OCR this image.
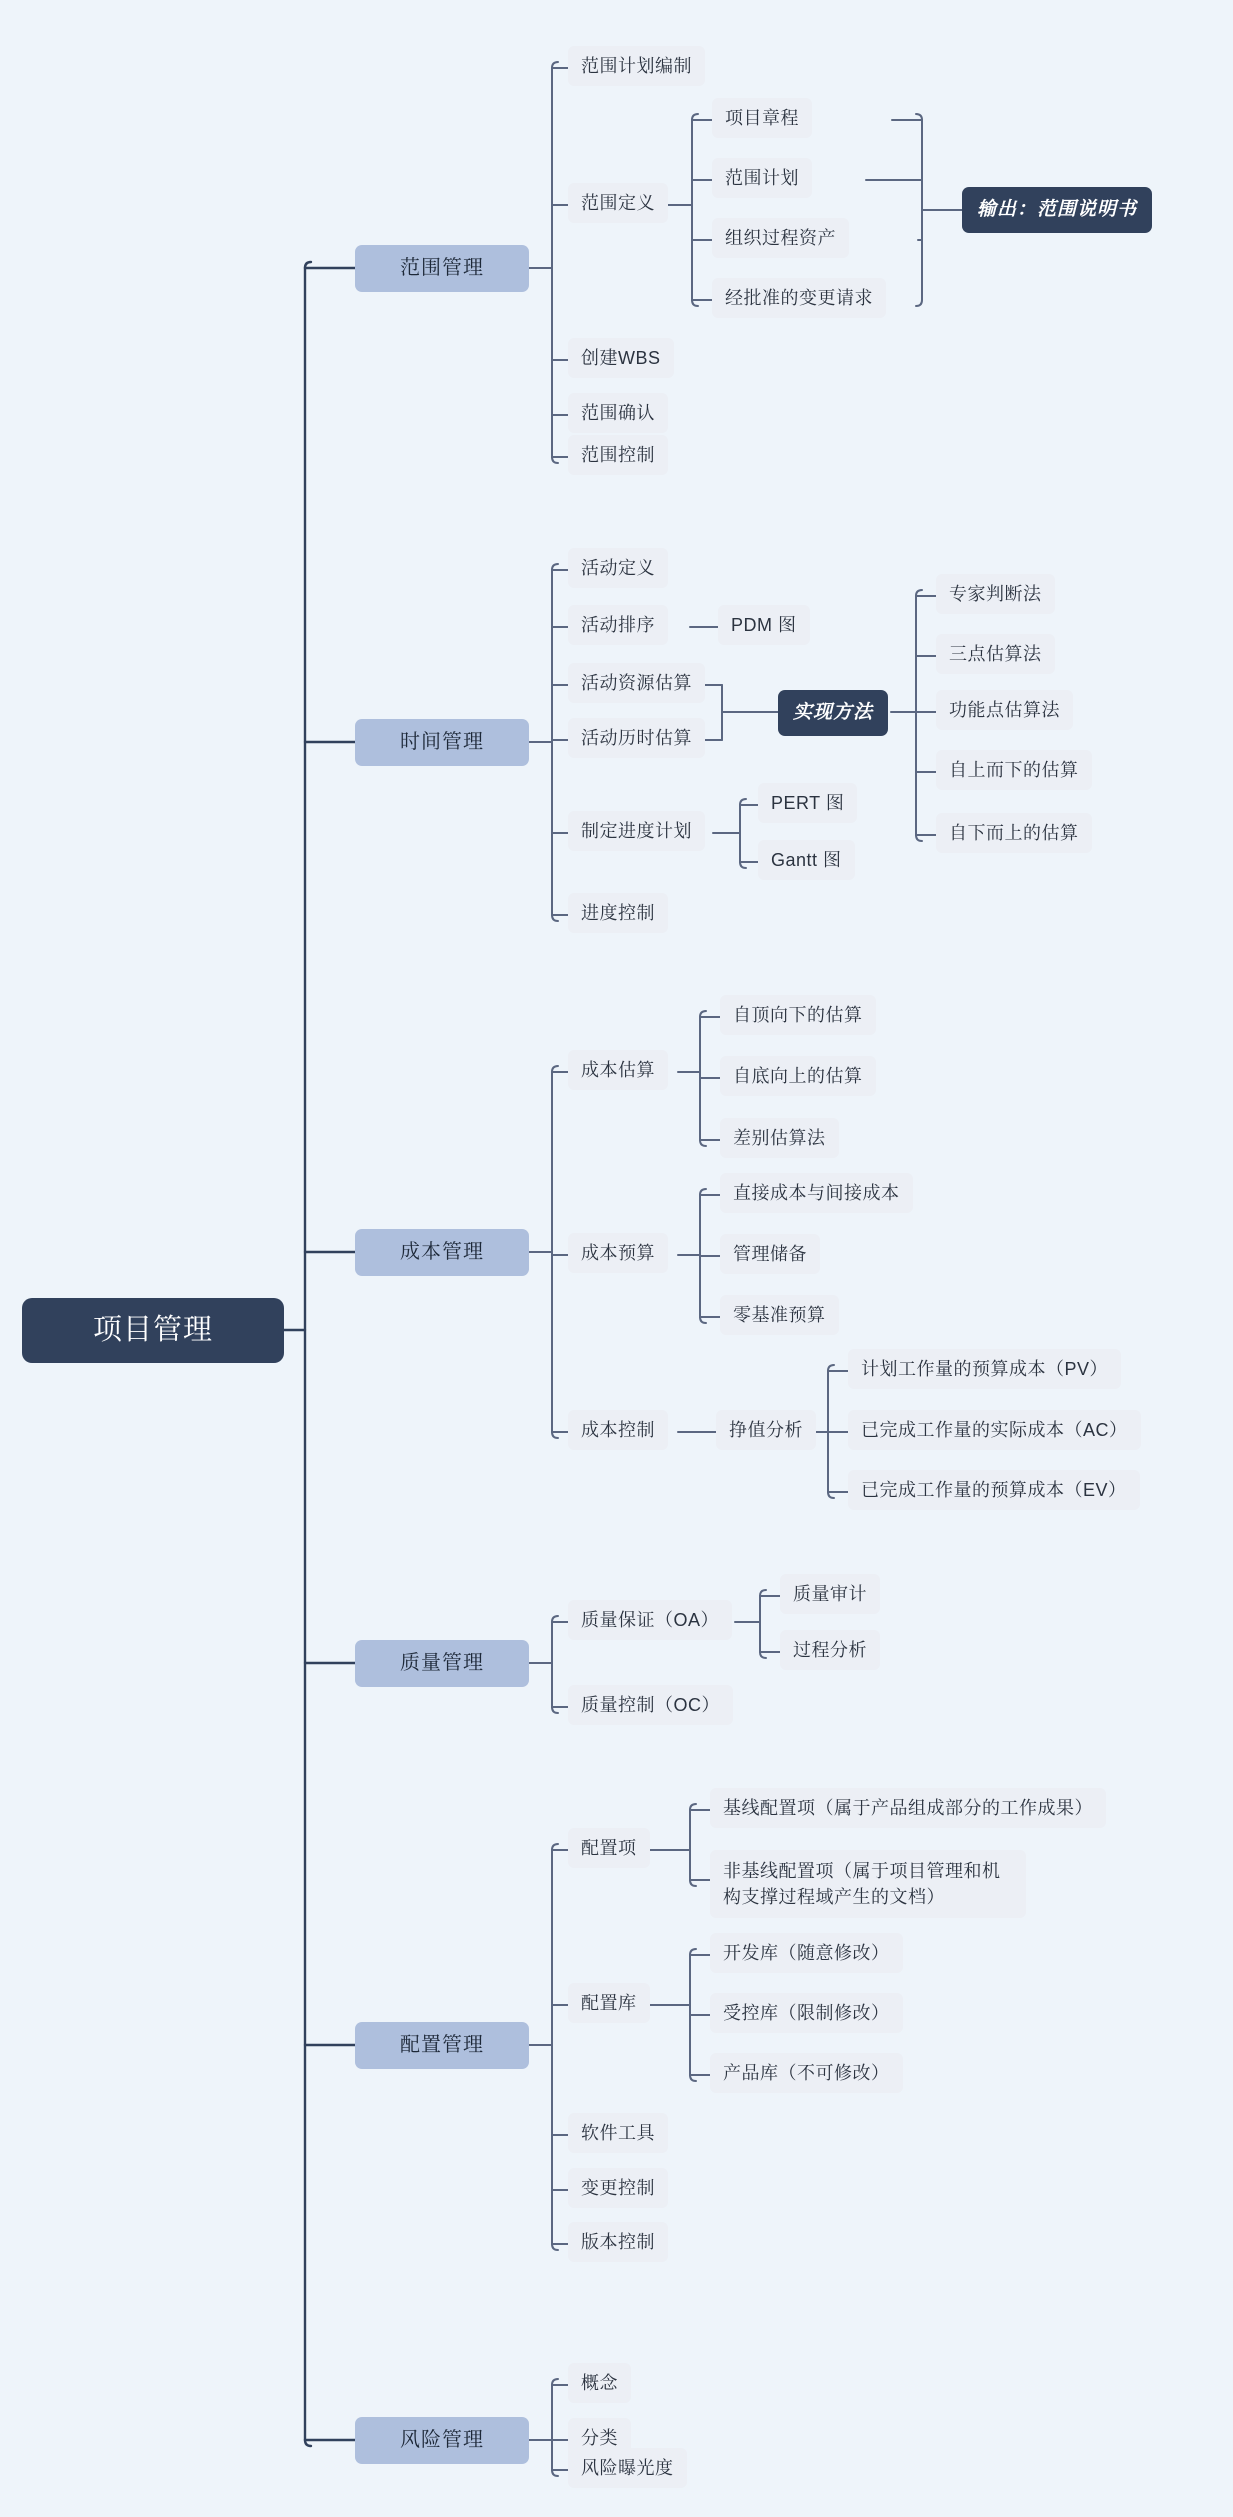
项目管理
范围管理
范围计划编制
范围定义
创建WBS
范围确认
范围控制
项目章程
范围计划
组织过程资产
经批准的变更请求
输出：范围说明书
时间管理
活动定义
活动排序	PDM 图
活动资源估算
活动历时估算
实现方法
专家判断法
三点估算法
功能点估算法
自上而下的估算
自下而上的估算
制定进度计划
PERT 图
Gantt 图
进度控制
成本管理
成本估算
自顶向下的估算
自底向上的估算
差别估算法
成本预算
直接成本与间接成本
管理储备
零基准预算
成本控制	挣值分析
计划工作量的预算成本（PV）
已完成工作量的实际成本（AC）
已完成工作量的预算成本（EV）
质量管理
质量保证（OA）
质量审计
过程分析
质量控制（OC）
配置管理
配置项
基线配置项（属于产品组成部分的工作成果）
非基线配置项（属于项目管理和机构支撑过程域产生的文档）
配置库
开发库（随意修改）
受控库（限制修改）
产品库（不可修改）
软件工具
变更控制
版本控制
风险管理
概念
分类
风险曝光度
